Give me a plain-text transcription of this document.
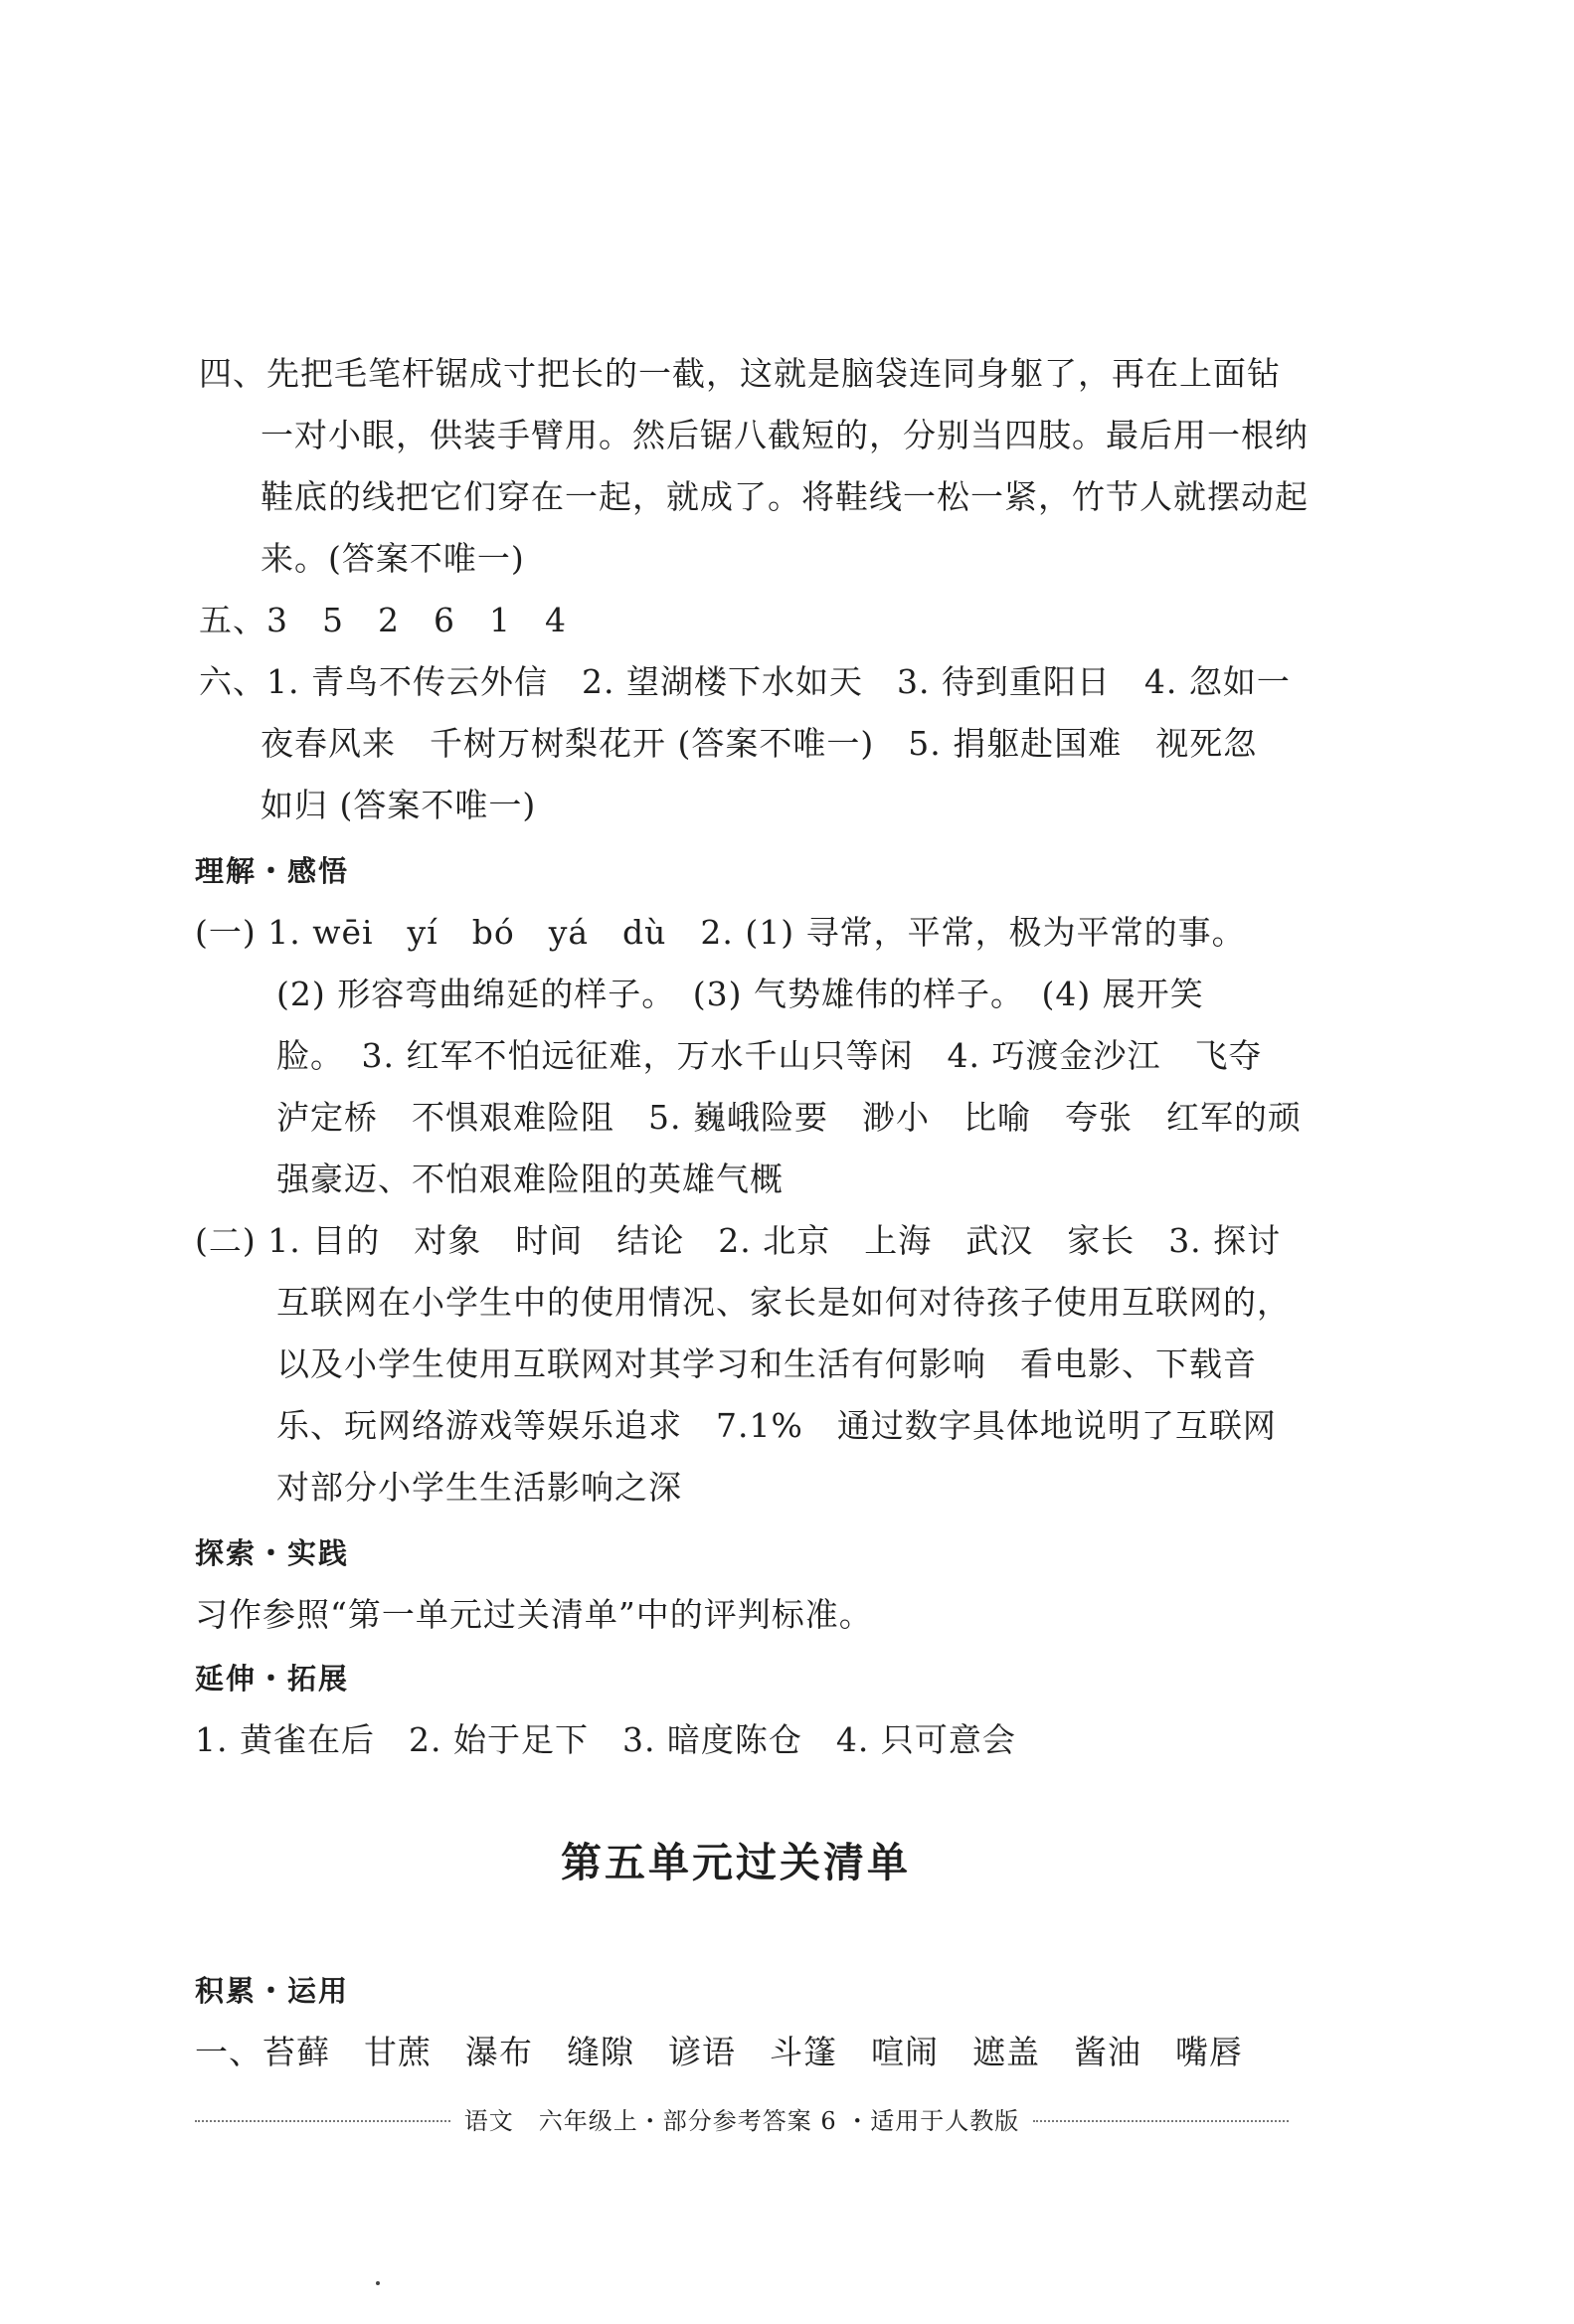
四、先把毛笔杆锯成寸把长的一截，这就是脑袋连同身躯了，再在上面钻
一对小眼，供装手臂用。然后锯八截短的，分别当四肢。最后用一根纳
鞋底的线把它们穿在一起，就成了。将鞋线一松一紧，竹节人就摆动起
来。(答案不唯一)
五、3　5　2　6　1　4
六、1. 青鸟不传云外信　2. 望湖楼下水如天　3. 待到重阳日　4. 忽如一
夜春风来　千树万树梨花开 (答案不唯一)　5. 捐躯赴国难　视死忽
如归 (答案不唯一)
理解・感悟
(一) 1. wēi　yí　bó　yá　dù　2. (1) 寻常，平常，极为平常的事。
(2) 形容弯曲绵延的样子。　(3) 气势雄伟的样子。　(4) 展开笑
脸。　3. 红军不怕远征难，万水千山只等闲　4. 巧渡金沙江　飞夺
泸定桥　不惧艰难险阻　5. 巍峨险要　渺小　比喻　夸张　红军的顽
强豪迈、不怕艰难险阻的英雄气概
(二) 1. 目的　对象　时间　结论　2. 北京　上海　武汉　家长　3. 探讨
互联网在小学生中的使用情况、家长是如何对待孩子使用互联网的，
以及小学生使用互联网对其学习和生活有何影响　看电影、下载音
乐、玩网络游戏等娱乐追求　7.1%　通过数字具体地说明了互联网
对部分小学生生活影响之深
探索・实践
习作参照“第一单元过关清单”中的评判标准。
延伸・拓展
1. 黄雀在后　2. 始于足下　3. 暗度陈仓　4. 只可意会
第五单元过关清单
积累・运用
一、苔藓　甘蔗　瀑布　缝隙　谚语　斗篷　喧闹　遮盖　酱油　嘴唇
语文　六年级上・部分参考答案 6 ・适用于人教版
